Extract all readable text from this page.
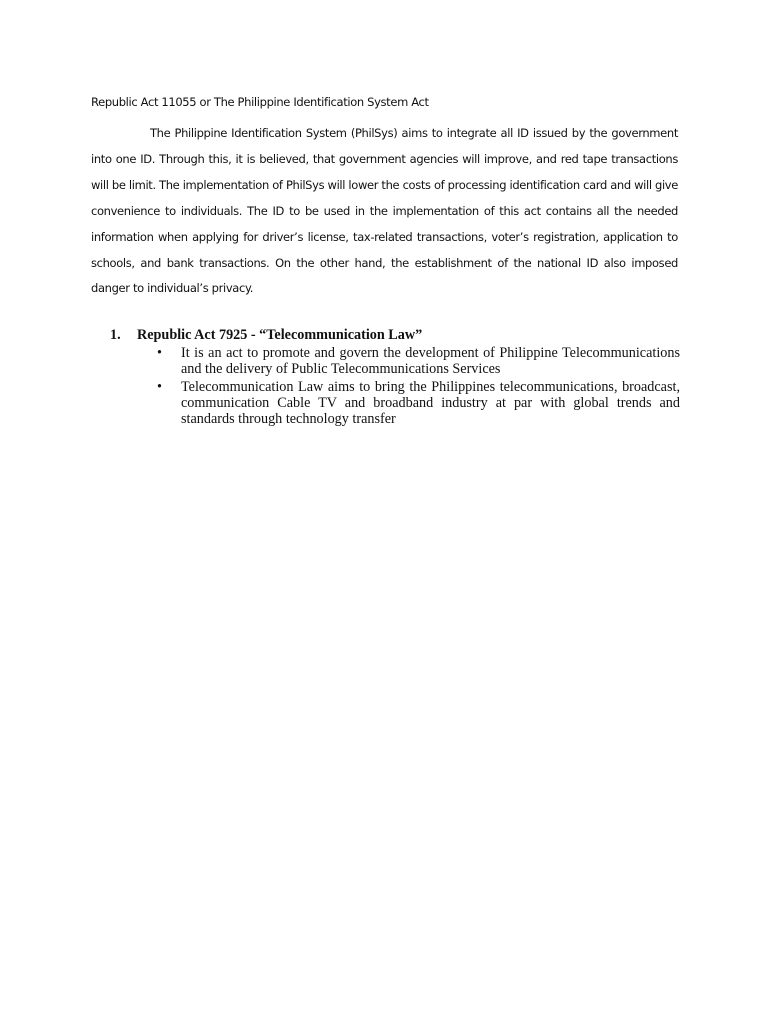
Republic Act 11055 or The Philippine Identification System Act

The Philippine Identification System (PhilSys) aims to integrate all ID issued by the government into one ID. Through this, it is believed, that government agencies will improve, and red tape transactions will be limit. The implementation of PhilSys will lower the costs of processing identification card and will give convenience to individuals. The ID to be used in the implementation of this act contains all the needed information when applying for driver’s license, tax-related transactions, voter’s registration, application to schools, and bank transactions. On the other hand, the establishment of the national ID also imposed danger to individual’s privacy.

1. Republic Act 7925 - “Telecommunication Law”
• It is an act to promote and govern the development of Philippine Telecommunications and the delivery of Public Telecommunications Services
• Telecommunication Law aims to bring the Philippines telecommunications, broadcast, communication Cable TV and broadband industry at par with global trends and standards through technology transfer
